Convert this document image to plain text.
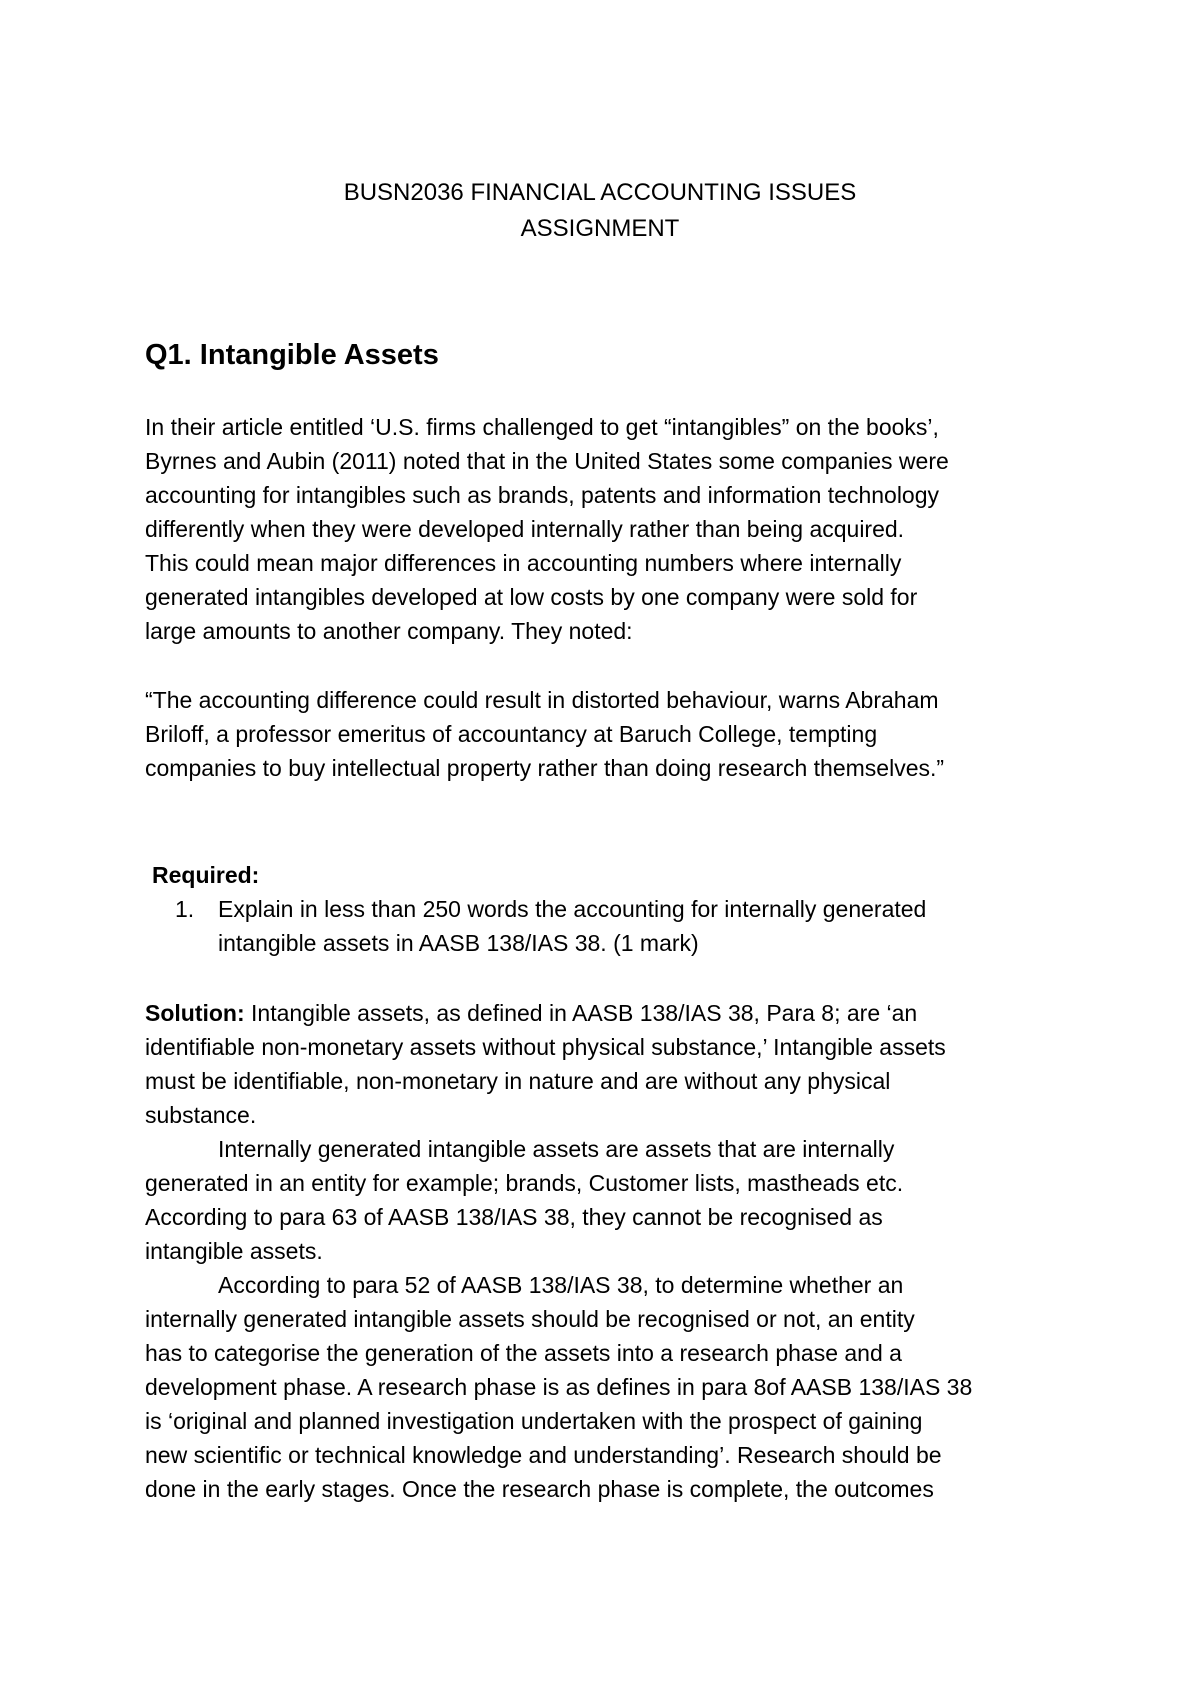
BUSN2036 FINANCIAL ACCOUNTING ISSUES
ASSIGNMENT
Q1. Intangible Assets
In their article entitled ‘U.S. firms challenged to get “intangibles” on the books’,
Byrnes and Aubin (2011) noted that in the United States some companies were
accounting for intangibles such as brands, patents and information technology
differently when they were developed internally rather than being acquired.
This could mean major differences in accounting numbers where internally
generated intangibles developed at low costs by one company were sold for
large amounts to another company. They noted:
“The accounting difference could result in distorted behaviour, warns Abraham
Briloff, a professor emeritus of accountancy at Baruch College, tempting
companies to buy intellectual property rather than doing research themselves.”
Required:
1. Explain in less than 250 words the accounting for internally generated
intangible assets in AASB 138/IAS 38. (1 mark)
Solution: Intangible assets, as defined in AASB 138/IAS 38, Para 8; are ‘an
identifiable non-monetary assets without physical substance,’ Intangible assets
must be identifiable, non-monetary in nature and are without any physical
substance.
Internally generated intangible assets are assets that are internally
generated in an entity for example; brands, Customer lists, mastheads etc.
According to para 63 of AASB 138/IAS 38, they cannot be recognised as
intangible assets.
According to para 52 of AASB 138/IAS 38, to determine whether an
internally generated intangible assets should be recognised or not, an entity
has to categorise the generation of the assets into a research phase and a
development phase. A research phase is as defines in para 8of AASB 138/IAS 38
is ‘original and planned investigation undertaken with the prospect of gaining
new scientific or technical knowledge and understanding’. Research should be
done in the early stages. Once the research phase is complete, the outcomes
